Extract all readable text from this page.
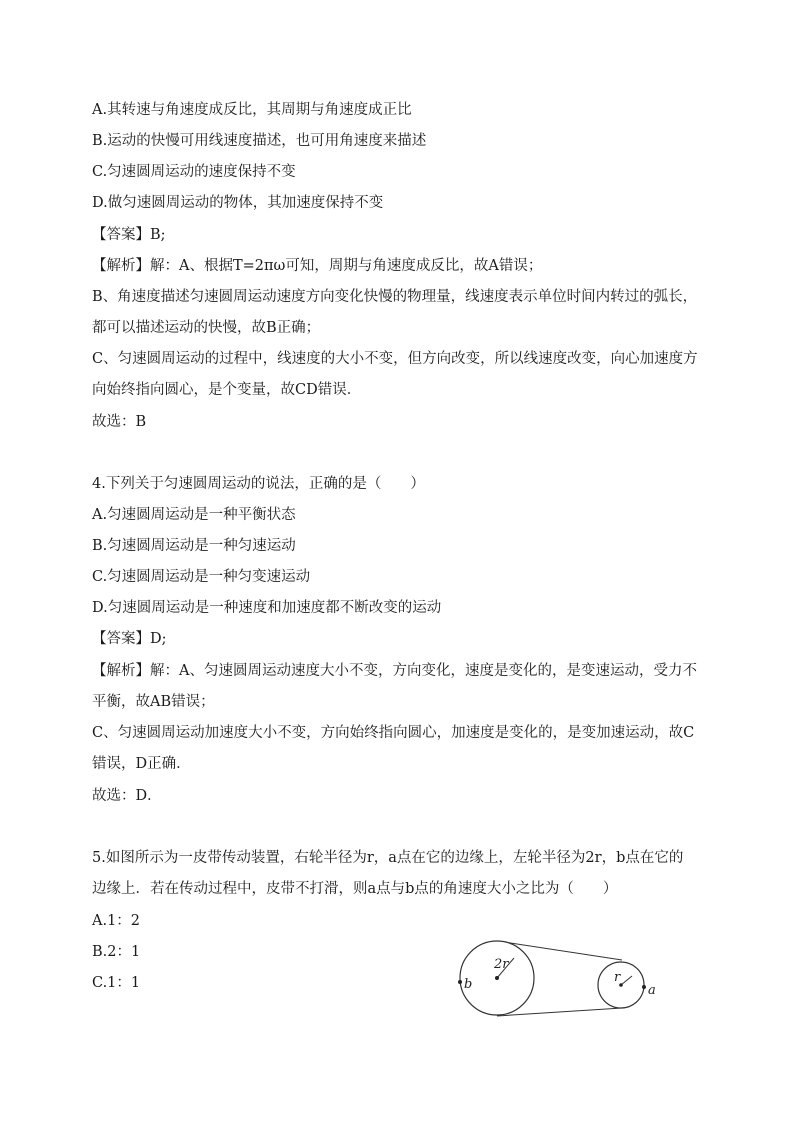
A.其转速与角速度成反比，其周期与角速度成正比
B.运动的快慢可用线速度描述，也可用角速度来描述
C.匀速圆周运动的速度保持不变
D.做匀速圆周运动的物体，其加速度保持不变
【答案】B;
【解析】解：A、根据T=2πω可知，周期与角速度成反比，故A错误；
B、角速度描述匀速圆周运动速度方向变化快慢的物理量，线速度表示单位时间内转过的弧长，
都可以描述运动的快慢，故B正确；
C、匀速圆周运动的过程中，线速度的大小不变，但方向改变，所以线速度改变，向心加速度方
向始终指向圆心，是个变量，故CD错误．
故选：B
4.下列关于匀速圆周运动的说法，正确的是（　　）
A.匀速圆周运动是一种平衡状态
B.匀速圆周运动是一种匀速运动
C.匀速圆周运动是一种匀变速运动
D.匀速圆周运动是一种速度和加速度都不断改变的运动
【答案】D;
【解析】解：A、匀速圆周运动速度大小不变，方向变化，速度是变化的，是变速运动，受力不
平衡，故AB错误；
C、匀速圆周运动加速度大小不变，方向始终指向圆心，加速度是变化的，是变加速运动，故C
错误，D正确．
故选：D．
5.如图所示为一皮带传动装置，右轮半径为r，a点在它的边缘上，左轮半径为2r，b点在它的
边缘上．若在传动过程中，皮带不打滑，则a点与b点的角速度大小之比为（　　）
A.1：2
B.2：1
C.1：1
2r
r
b	a
